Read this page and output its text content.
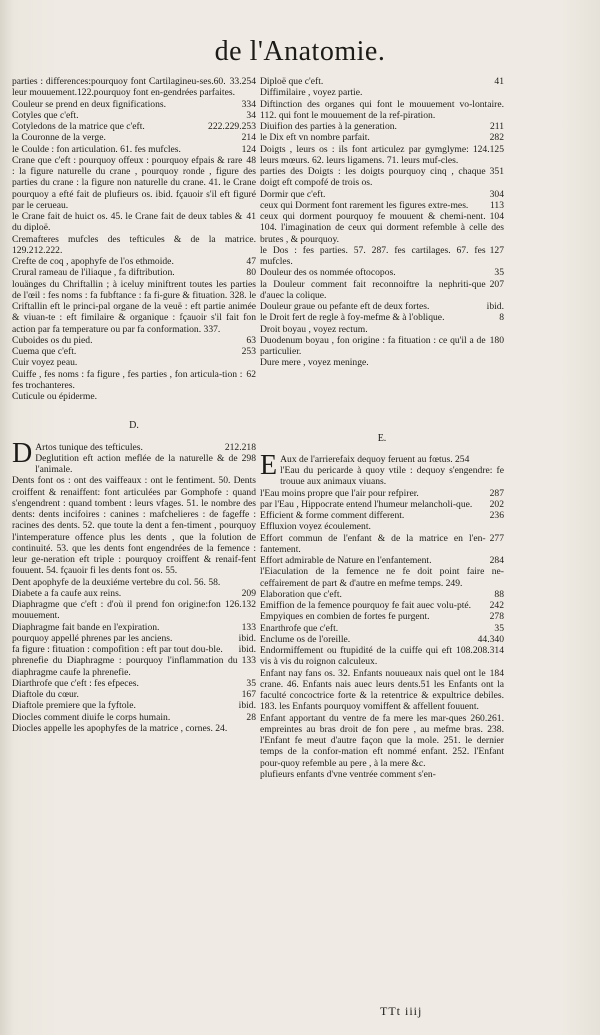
de l'Anatomie.

33.254
parties : differences:pourquoy font Cartilagineu-ses.60. leur mouuement.122.pourquoy font en-gendrées parfaites.

334
Couleur se prend en deux fignifications.

34
Cotyles que c'eft.

222.229.253
Cotyledons de la matrice que c'eft.

214
la Couronne de la verge.

124
le Coulde : fon articulation. 61. fes mufcles.

48
Crane que c'eft : pourquoy offeux : pourquoy efpais & rare : la figure naturelle du crane , pourquoy ronde , figure des parties du crane : la figure non naturelle du crane. 41. le Crane pourquoy a efté fait de plufieurs os. ibid. fçauoir s'il eft figuré par le cerueau.

41
le Crane fait de huict os. 45. le Crane fait de deux tables & du diploë.

Cremafteres mufcles des tefticules & de la matrice. 129.212.222.

47
Crefte de coq , apophyfe de l'os ethmoide.

80
Crural rameau de l'iliaque , fa diftribution.

louänges du Chriftallin ; à iceluy miniftrent toutes les parties de l'œil : fes noms : fa fubftance : fa fi-gure & fituation. 328. le Criftallin eft le princi-pal organe de la veuë : eft partie animée & viuan-te : eft fimilaire & organique : fçauoir s'il fait fon action par fa temperature ou par fa conformation. 337.

63
Cuboides os du pied.

253
Cuema que c'eft.

Cuir voyez peau.

62
Cuiffe , fes noms : fa figure , fes parties , fon articula-tion : fes trochanteres.

Cuticule ou épiderme.

D.

D	212.218
Artos tunique des tefticules.

298
Deglutition eft action meflée de la naturelle & de l'animale.

Dents font os : ont des vaiffeaux : ont le fentiment. 50. Dents croiffent & renaiffent: font articulées par Gomphofe : quand s'engendrent : quand tombent : leurs vfages. 51. le nombre des dents: dents incifoires : canines : mafchelieres : de fageffe : racines des dents. 52. que toute la dent a fen-timent , pourquoy l'intemperature offence plus les dents , que la folution de continuité. 53. que les dents font engendrées de la femence : leur ge-neration eft triple : pourquoy croiffent & renaif-fent fouuent. 54. fçauoir fi les dents font os. 55.

Dent apophyfe de la deuxiéme vertebre du col. 56. 58.

209
Diabete a fa caufe aux reins.

126.132
Diaphragme que c'eft : d'où il prend fon origine:fon mouuement.

133
Diaphragme fait bande en l'expiration.

ibid.
pourquoy appellé phrenes par les anciens.

ibid.
fa figure : fituation : compofition : eft par tout dou-ble.

133
phrenefie du Diaphragme : pourquoy l'inflammation du diaphragme caufe la phrenefie.

35
Diarthrofe que c'eft : fes efpeces.

167
Diaftole du cœur.

ibid.
Diaftole premiere que la fyftole.

28
Diocles comment diuife le corps humain.

Diocles appelle les apophyfes de la matrice , cornes. 24.

41
Diploë que c'eft.

Diffimilaire , voyez partie.

Diftinction des organes qui font le mouuement vo-lontaire. 112. qui font le mouuement de la ref-piration.

211
Diuifion des parties à la generation.

282
le Dix eft vn nombre parfait.

124.125
Doigts , leurs os : ils font articulez par gymglyme: leurs mœurs. 62. leurs ligamens. 71. leurs muf-cles.

351
parties des Doigts : les doigts pourquoy cinq , chaque doigt eft compofé de trois os.

304
Dormir que c'eft.

113
ceux qui Dorment font rarement les figures extre-mes.

104
ceux qui dorment pourquoy fe mouuent & chemi-nent. 104. l'imagination de ceux qui dorment refemble à celle des brutes , & pourquoy.

127
le Dos : fes parties. 57. 287. fes cartilages. 67. fes mufcles.

35
Douleur des os nommée oftocopos.

207
la Douleur comment fait reconnoiftre la nephriti-que d'auec la colique.

ibid.
Douleur graue ou pefante eft de deux fortes.

8
le Droit fert de regle à foy-mefme & à l'oblique.

Droit boyau , voyez rectum.

180
Duodenum boyau , fon origine : fa fituation : ce qu'il a de particulier.

Dure mere , voyez meninge.

E.

E Aux de l'arrierefaix dequoy feruent au fœtus. 254

l'Eau du pericarde à quoy vtile : dequoy s'engendre: fe trouue aux animaux viuans.

287
l'Eau moins propre que l'air pour refpirer.

202
par l'Eau , Hippocrate entend l'humeur melancholi-que.

236
Efficient & forme comment different.

Effluxion voyez écoulement.

277
Effort commun de l'enfant & de la matrice en l'en-fantement.

284
Effort admirable de Nature en l'enfantement.

l'Eiaculation de la femence ne fe doit point faire ne-ceffairement de part & d'autre en mefme temps. 249.

88
Elaboration que c'eft.

242
Emiffion de la femence pourquoy fe fait auec volu-pté.

278
Empyiques en combien de fortes fe purgent.

35
Enarthrofe que c'eft.

44.340
Enclume os de l'oreille.

108.208.314
Endormiffement ou ftupidité de la cuiffe qui eft vis à vis du roignon calculeux.

184
Enfant nay fans os. 32. Enfants nouueaux nais quel ont le crane. 46. Enfants nais auec leurs dents.51 les Enfants ont la faculté concoctrice forte & la retentrice & expultrice debiles. 183. les Enfants pourquoy vomiffent & affellent fouuent.

260.261.
Enfant apportant du ventre de fa mere les mar-ques empreintes au bras droit de fon pere , au mefme bras. 238. l'Enfant fe meut d'autre façon que la mole. 251. le dernier temps de la confor-mation eft nommé enfant. 252. l'Enfant pour-quoy refemble au pere , à la mere &c.

plufieurs enfants d'vne ventrée comment s'en-

TTt iiij
